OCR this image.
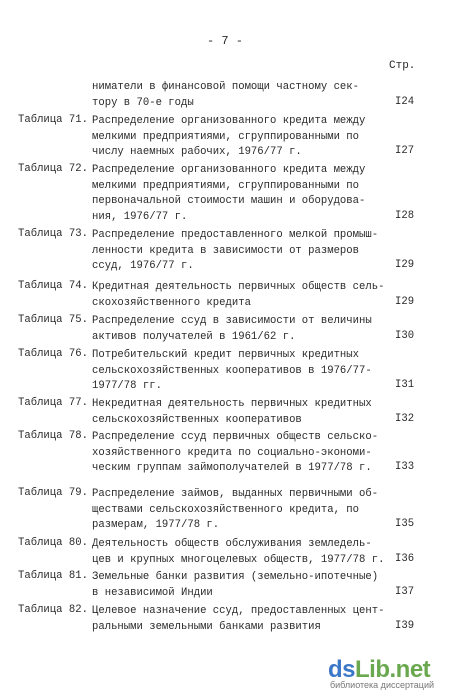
- 7 -
Стр.
ниматели в финансовой помощи частному сек-
тору в 70-е годы	I24
Таблица 71. Распределение организованного кредита между
мелкими предприятиями, сгруппированными по
числу наемных рабочих, 1976/77 г.	I27
Таблица 72. Распределение организованного кредита между
мелкими предприятиями, сгруппированными по
первоначальной стоимости машин и оборудова-
ния, 1976/77 г.	I28
Таблица 73. Распределение предоставленного мелкой промыш-
ленности кредита в зависимости от размеров
ссуд, 1976/77 г.	I29
Таблица 74. Кредитная деятельность первичных обществ сель-
скохозяйственного кредита	I29
Таблица 75. Распределение ссуд в зависимости от величины
активов получателей в 1961/62 г.	I30
Таблица 76. Потребительский кредит первичных кредитных
сельскохозяйственных кооперативов в 1976/77-
1977/78 гг.	I31
Таблица 77. Некредитная деятельность первичных кредитных
сельскохозяйственных кооперативов	I32
Таблица 78. Распределение ссуд первичных обществ сельско-
хозяйственного кредита по социально-экономи-
ческим группам займополучателей в 1977/78 г.	I33
Таблица 79. Распределение займов, выданных первичными об-
ществами сельскохозяйственного кредита, по
размерам, 1977/78 г.	I35
Таблица 80. Деятельность обществ обслуживания земледель-
цев и крупных многоцелевых обществ, 1977/78 г. I36
Таблица 81. Земельные банки развития (земельно-ипотечные)
в независимой Индии	I37
Таблица 82. Целевое назначение ссуд, предоставленных цент-
ральными земельными банками развития	I39
dsLib.net
библиотека диссертаций
